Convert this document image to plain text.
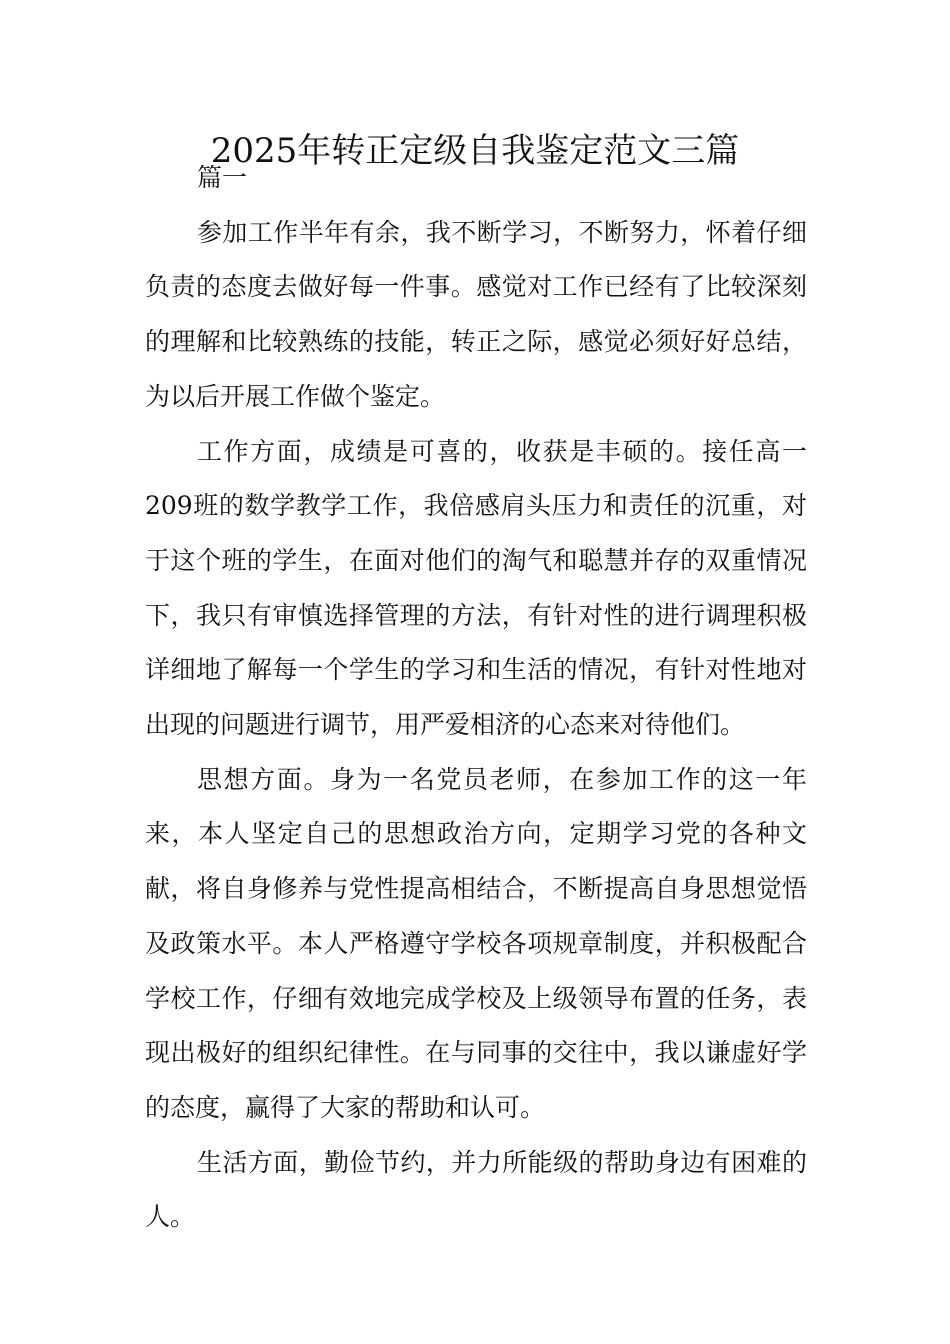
2025年转正定级自我鉴定范文三篇

篇一

参加工作半年有余，我不断学习，不断努力，怀着仔细负责的态度去做好每一件事。感觉对工作已经有了比较深刻的理解和比较熟练的技能，转正之际，感觉必须好好总结，为以后开展工作做个鉴定。

工作方面，成绩是可喜的，收获是丰硕的。接任高一209班的数学教学工作，我倍感肩头压力和责任的沉重，对于这个班的学生，在面对他们的淘气和聪慧并存的双重情况下，我只有审慎选择管理的方法，有针对性的进行调理积极详细地了解每一个学生的学习和生活的情况，有针对性地对出现的问题进行调节，用严爱相济的心态来对待他们。

思想方面。身为一名党员老师，在参加工作的这一年来，本人坚定自己的思想政治方向，定期学习党的各种文献，将自身修养与党性提高相结合，不断提高自身思想觉悟及政策水平。本人严格遵守学校各项规章制度，并积极配合学校工作，仔细有效地完成学校及上级领导布置的任务，表现出极好的组织纪律性。在与同事的交往中，我以谦虚好学的态度，赢得了大家的帮助和认可。

生活方面，勤俭节约，并力所能级的帮助身边有困难的人。
